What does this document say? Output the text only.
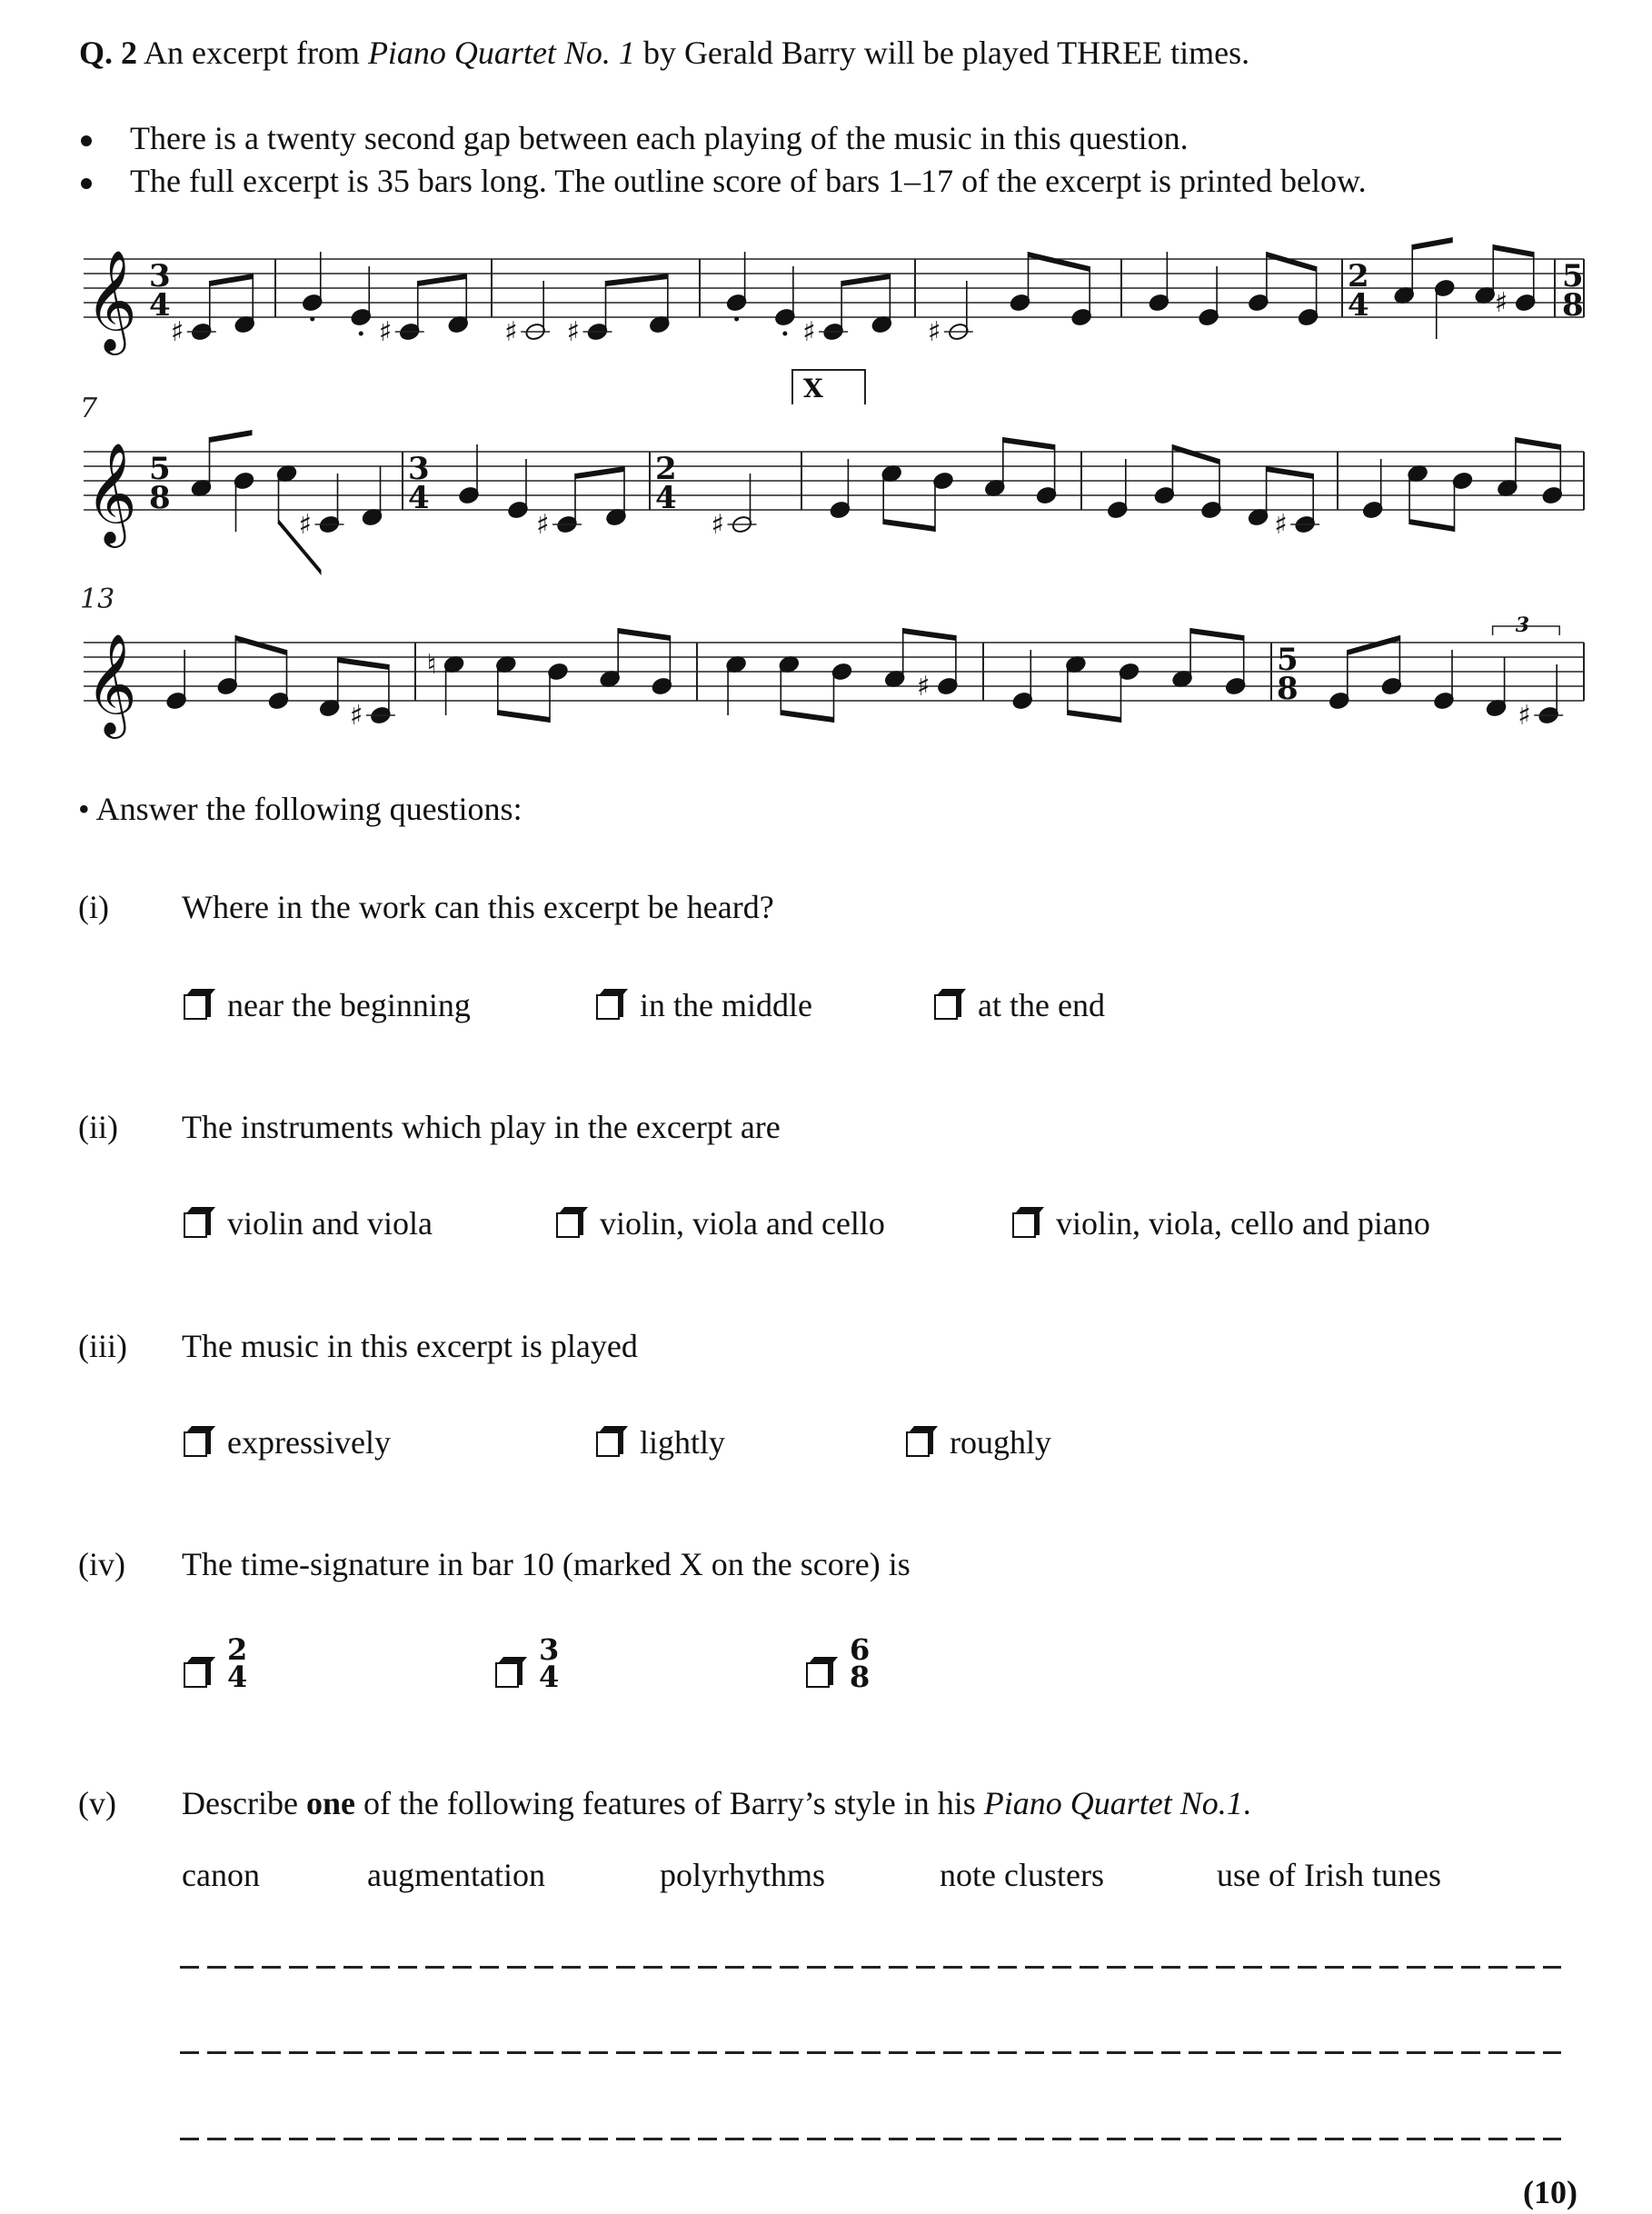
Q. 2 An excerpt from Piano Quartet No. 1 by Gerald Barry will be played THREE times.
There is a twenty second gap between each playing of the music in this question.
The full excerpt is 35 bars long. The outline score of bars 1–17 of the excerpt is printed below.
𝄞 3
4
♯	♯	♯ ♯	♯	♯
2
4
5
8
♯
𝄞
7
5
8
♯
3
4
♯
2
4
♯
X
♯
𝄞
13
♯
♮
♯
5
8
♯
3
• Answer the following questions:
(i) Where in the work can this excerpt be heard?
near the beginning	in the middle	at the end
(ii) The instruments which play in the excerpt are
violin and viola	violin, viola and cello	violin, viola, cello and piano
(iii) The music in this excerpt is played
expressively	lightly	roughly
(iv) The time-signature in bar 10 (marked X on the score) is
2
4
3
4
6
8
(v) Describe one of the following features of Barry’s style in his Piano Quartet No.1.
canon	augmentation	polyrhythms	note clusters	use of Irish tunes
(10)
